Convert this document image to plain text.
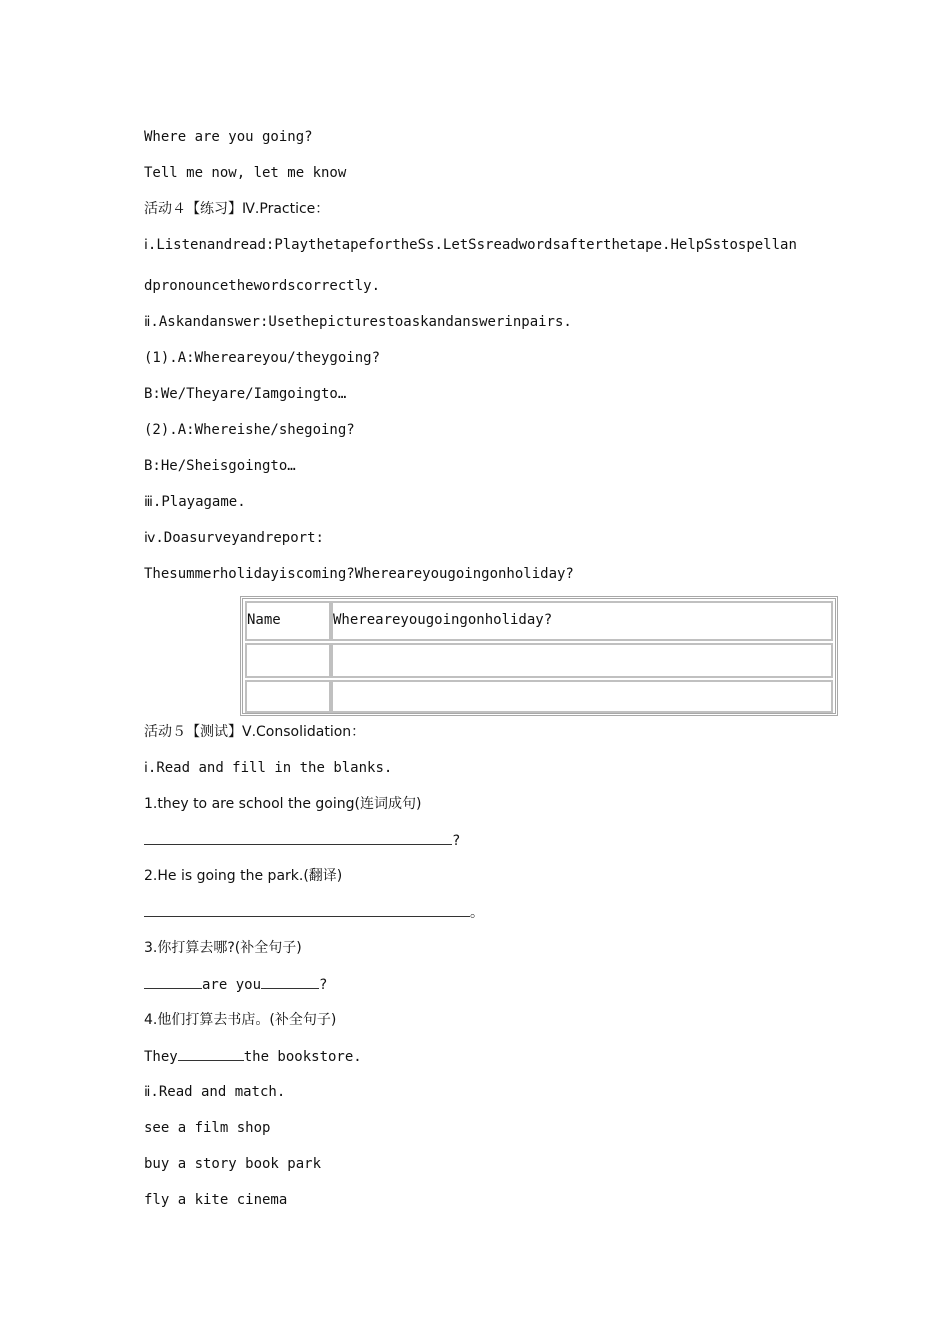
Where are you going?
Tell me now, let me know
活动４【练习】Ⅳ.Practice：
ⅰ.Listenandread:PlaythetapefortheSs.LetSsreadwordsafterthetape.HelpSstospellan
dpronouncethewordscorrectly.
ⅱ.Askandanswer:Usethepicturestoaskandanswerinpairs.
(1).A:Whereareyou/theygoing?
B:We/Theyare/Iamgoingto…
(2).A:Whereishe/shegoing?
B:He/Sheisgoingto…
ⅲ.Playagame.
ⅳ.Doasurveyandreport:
Thesummerholidayiscoming?Whereareyougoingonholiday?
Name	Whereareyougoingonholiday?
活动５【测试】Ⅴ.Consolidation：
ⅰ.Read and fill in the blanks.
1.they to are school the going(连词成句)
?
2.He is going the park.(翻译)
。
3.你打算去哪?(补全句子)
are you	?
4.他们打算去书店。(补全句子)
They	the bookstore.
ⅱ.Read and match.
see a film shop
buy a story book park
fly a kite cinema
